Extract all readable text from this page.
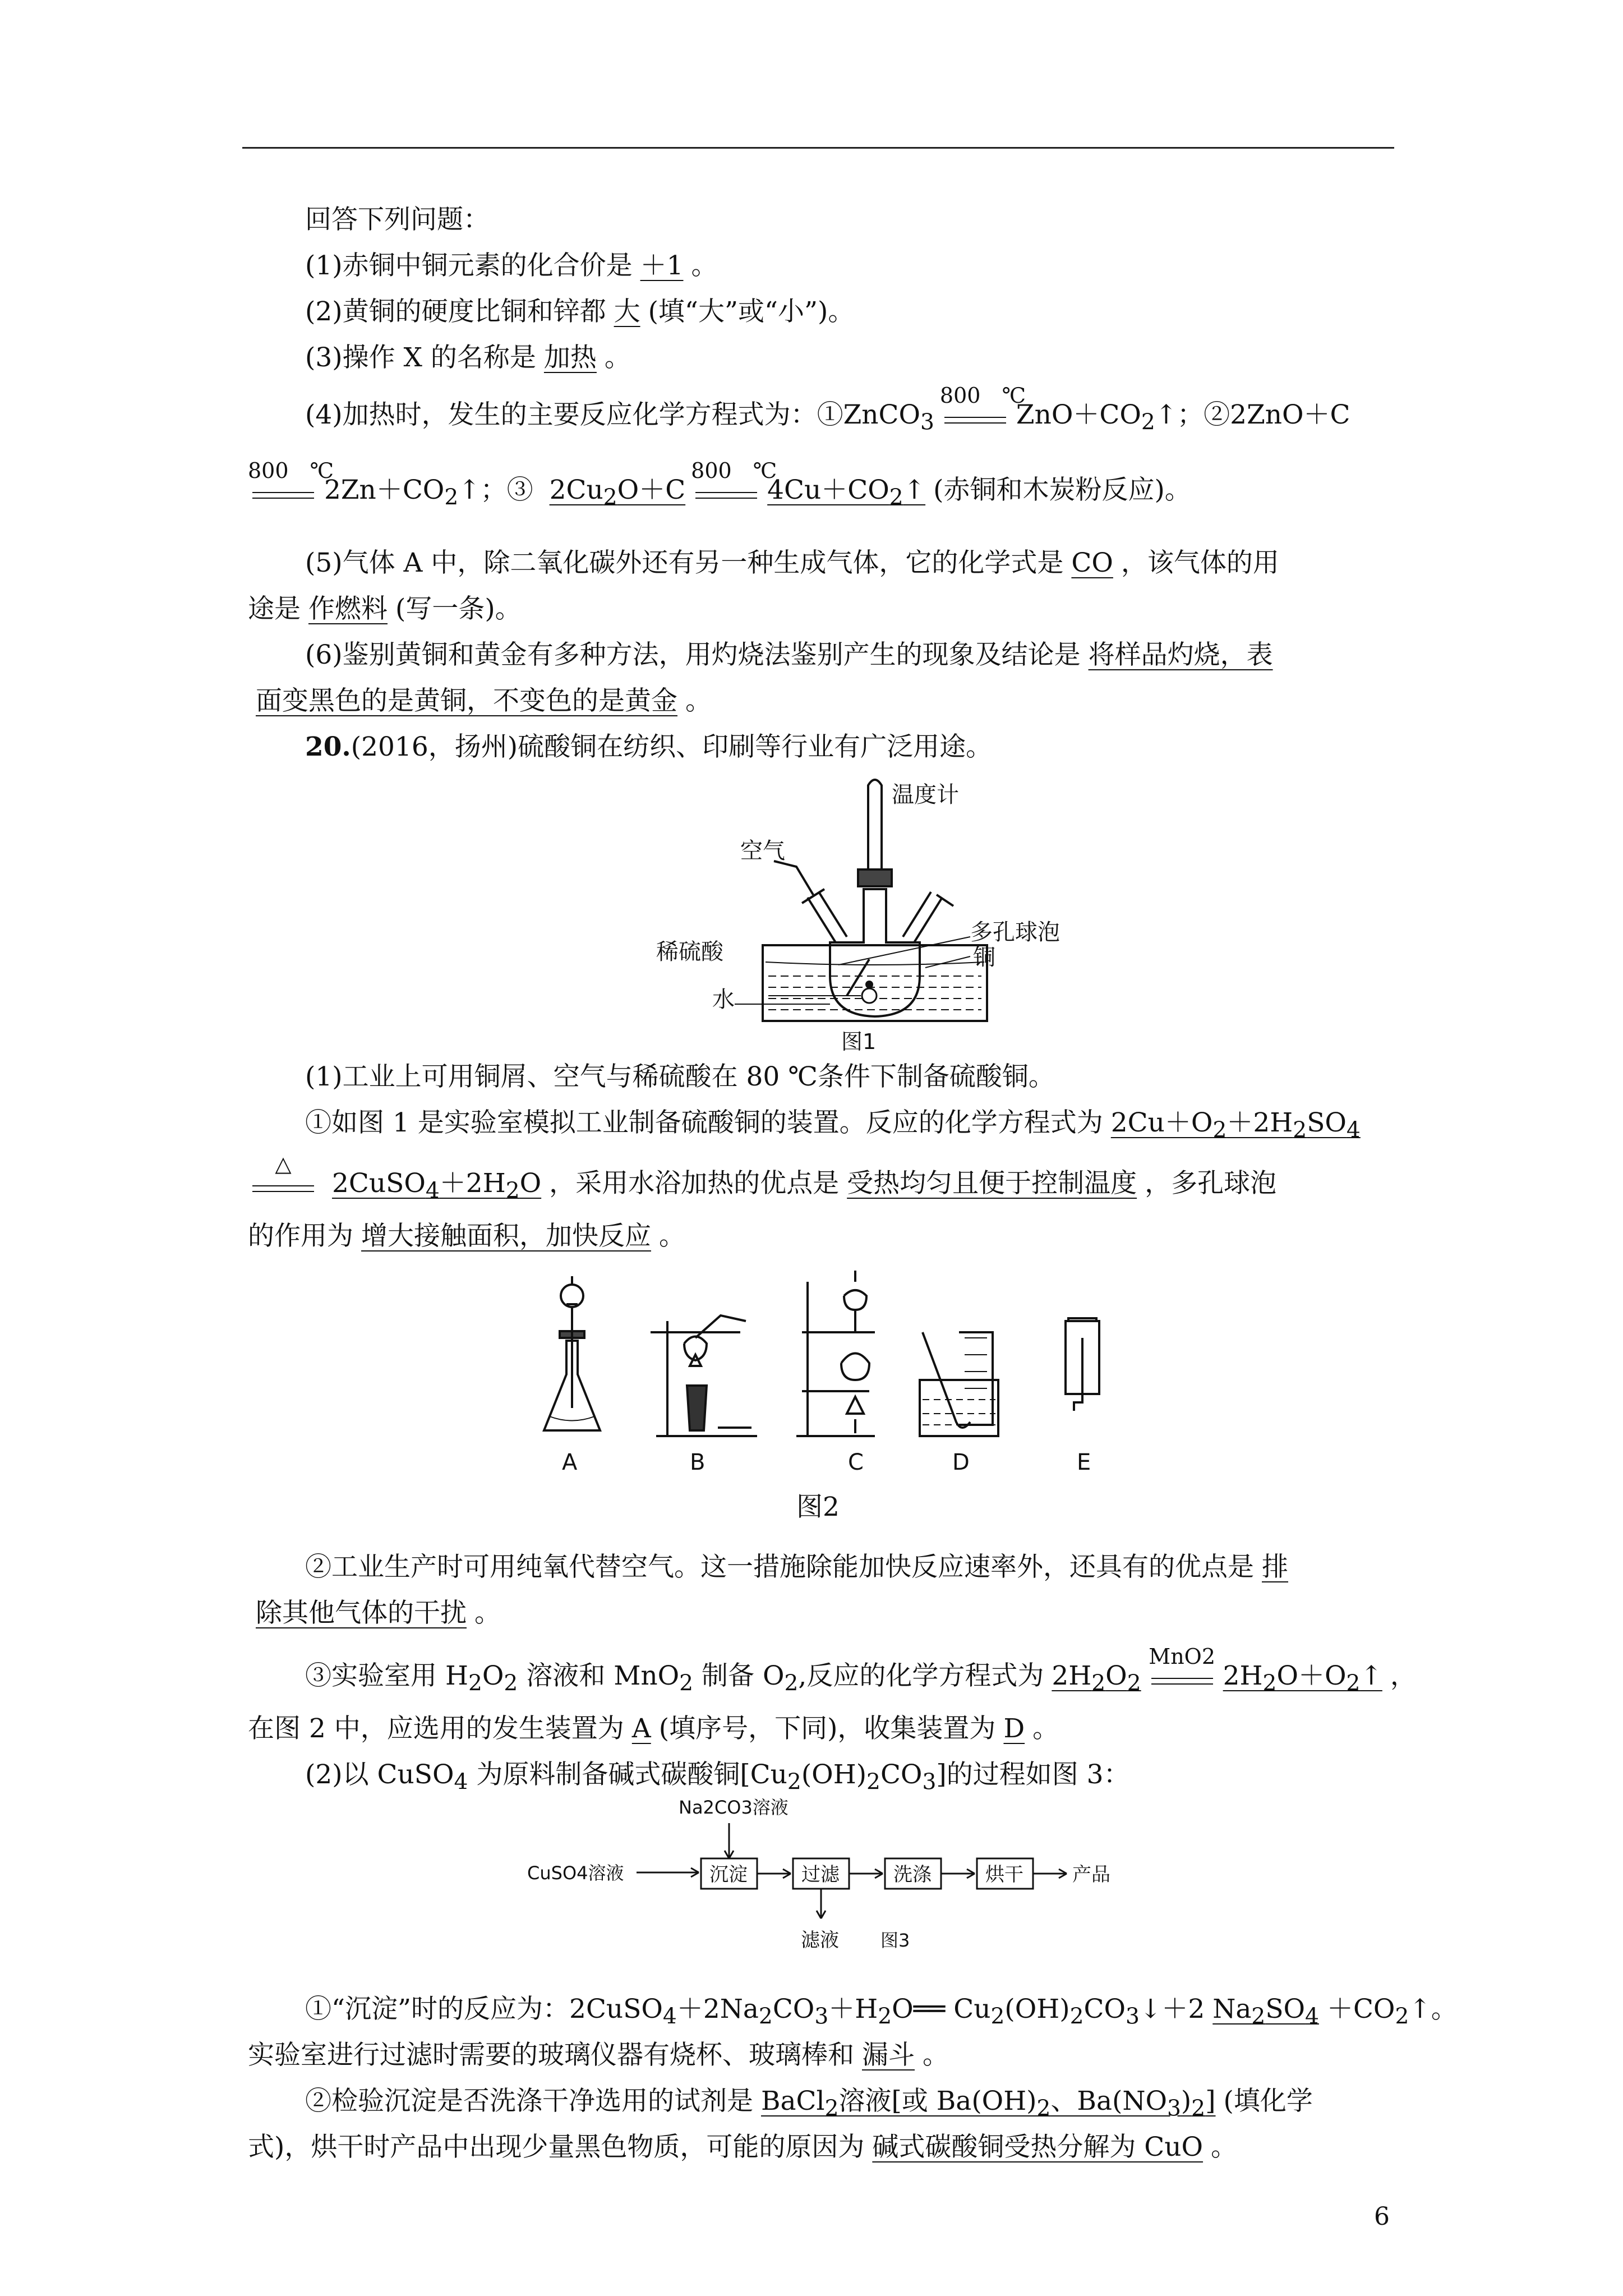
回答下列问题：
(1)赤铜中铜元素的化合价是 ＋1 。
(2)黄铜的硬度比铜和锌都 大 (填“大”或“小”)。
(3)操作 X 的名称是 加热 。
(4)加热时，发生的主要反应化学方程式为：①ZnCO$_3$
800　℃
$ZnO+CO_2↑$；②2ZnO＋C
800　℃
$2Zn+CO_2↑$；③ $2Cu_2O+C$
800　℃
$4Cu+CO_2↑$ (赤铜和木炭粉反应)。
(5)气体 A 中，除二氧化碳外还有另一种生成气体，它的化学式是 CO ，该气体的用
途是 作燃料 (写一条)。
(6)鉴别黄铜和黄金有多种方法，用灼烧法鉴别产生的现象及结论是 将样品灼烧，表
面变黑色的是黄铜，不变色的是黄金 。
20.(2016，扬州)硫酸铜在纺织、印刷等行业有广泛用途。
温度计
空气
多孔球泡
稀硫酸	铜
水
图1
(1)工业上可用铜屑、空气与稀硫酸在 80 ℃条件下制备硫酸铜。
①如图 1 是实验室模拟工业制备硫酸铜的装置。反应的化学方程式为 $2Cu+O_2+2H_2SO_4$
△
$2CuSO_4+2H_2O$ ，采用水浴加热的优点是 受热均匀且便于控制温度 ，多孔球泡
的作用为 增大接触面积，加快反应 。
A	B	C	D	E
图2
②工业生产时可用纯氧代替空气。这一措施除能加快反应速率外，还具有的优点是 排
除其他气体的干扰 。
③实验室用 $H_2O_2$ 溶液和 MnO$_2$ 制备 $O_2$,反应的化学方程式为 $2H_2O_2$
MnO2
$2H_2O+O_2↑$ ，
在图 2 中，应选用的发生装置为 A (填序号，下同)，收集装置为 D 。
(2)以 CuSO$_4$ 为原料制备碱式碳酸铜$[Cu_2(OH)_2CO_3]$的过程如图 3：
Na2CO3溶液
CuSO4溶液	沉淀	过滤	洗涤	烘干	产品
滤液 图3
①“沉淀”时的反应为：$2CuSO_4+2Na_2CO_3+H_2O══$ $Cu_2(OH)_2CO_3↓+2$ $Na_2SO_4$ $+CO_2↑$。
实验室进行过滤时需要的玻璃仪器有烧杯、玻璃棒和 漏斗 。
②检验沉淀是否洗涤干净选用的试剂是 BaCl$_2$溶液[或 $Ba(OH)_2$、$Ba(NO_3)_2$] (填化学
式)，烘干时产品中出现少量黑色物质，可能的原因为 碱式碳酸铜受热分解为 CuO 。
6
